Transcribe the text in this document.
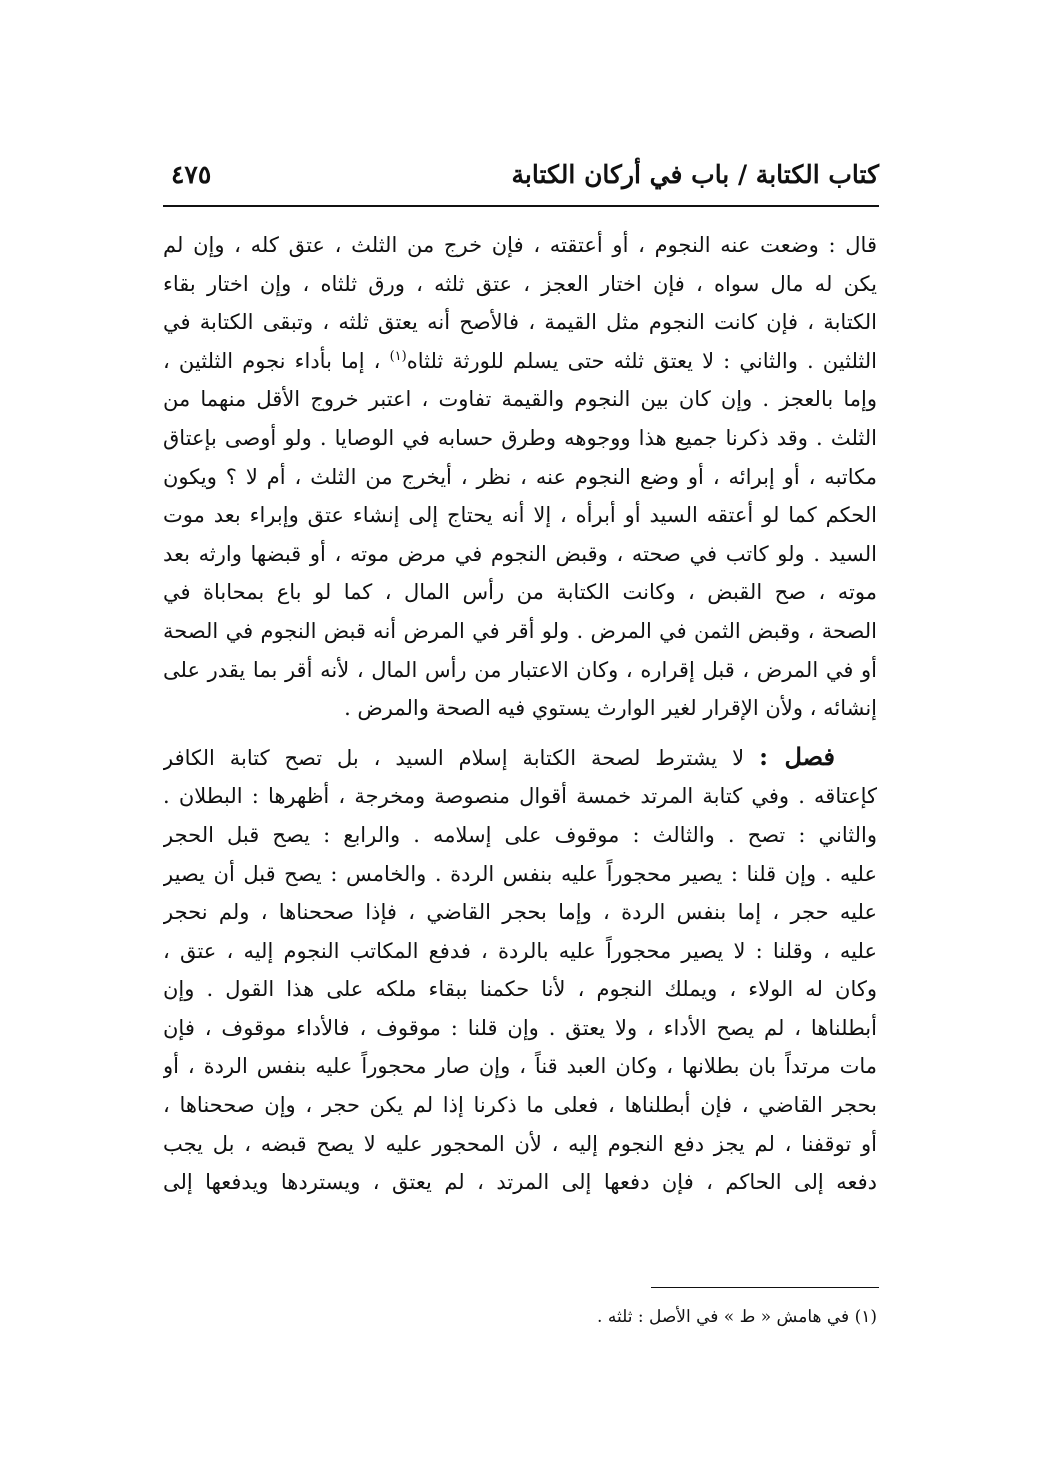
كتاب الكتابة / باب في أركان الكتابة
٤٧٥

قال : وضعت عنه النجوم ، أو أعتقته ، فإن خرج من الثلث ، عتق كله ، وإن لم
يكن له مال سواه ، فإن اختار العجز ، عتق ثلثه ، ورق ثلثاه ، وإن اختار بقاء
الكتابة ، فإن كانت النجوم مثل القيمة ، فالأصح أنه يعتق ثلثه ، وتبقى الكتابة في
الثلثين . والثاني : لا يعتق ثلثه حتى يسلم للورثة ثلثاه$^{(١)}$ ، إما بأداء نجوم الثلثين ،
وإما بالعجز . وإن كان بين النجوم والقيمة تفاوت ، اعتبر خروج الأقل منهما من
الثلث . وقد ذكرنا جميع هذا ووجوهه وطرق حسابه في الوصايا . ولو أوصى بإعتاق
مكاتبه ، أو إبرائه ، أو وضع النجوم عنه ، نظر ، أيخرج من الثلث ، أم لا ؟ ويكون
الحكم كما لو أعتقه السيد أو أبرأه ، إلا أنه يحتاج إلى إنشاء عتق وإبراء بعد موت
السيد . ولو كاتب في صحته ، وقبض النجوم في مرض موته ، أو قبضها وارثه بعد
موته ، صح القبض ، وكانت الكتابة من رأس المال ، كما لو باع بمحاباة في
الصحة ، وقبض الثمن في المرض . ولو أقر في المرض أنه قبض النجوم في الصحة
أو في المرض ، قبل إقراره ، وكان الاعتبار من رأس المال ، لأنه أقر بما يقدر على
إنشائه ، ولأن الإقرار لغير الوارث يستوي فيه الصحة والمرض .

  فصل : لا يشترط لصحة الكتابة إسلام السيد ، بل تصح كتابة الكافر
كإعتاقه . وفي كتابة المرتد خمسة أقوال منصوصة ومخرجة ، أظهرها : البطلان .
والثاني : تصح . والثالث : موقوف على إسلامه . والرابع : يصح قبل الحجر
عليه . وإن قلنا : يصير محجوراً عليه بنفس الردة . والخامس : يصح قبل أن يصير
عليه حجر ، إما بنفس الردة ، وإما بحجر القاضي ، فإذا صححناها ، ولم نحجر
عليه ، وقلنا : لا يصير محجوراً عليه بالردة ، فدفع المكاتب النجوم إليه ، عتق ،
وكان له الولاء ، ويملك النجوم ، لأنا حكمنا ببقاء ملكه على هذا القول . وإن
أبطلناها ، لم يصح الأداء ، ولا يعتق . وإن قلنا : موقوف ، فالأداء موقوف ، فإن
مات مرتداً بان بطلانها ، وكان العبد قناً ، وإن صار محجوراً عليه بنفس الردة ، أو
بحجر القاضي ، فإن أبطلناها ، فعلى ما ذكرنا إذا لم يكن حجر ، وإن صححناها ،
أو توقفنا ، لم يجز دفع النجوم إليه ، لأن المحجور عليه لا يصح قبضه ، بل يجب
دفعه إلى الحاكم ، فإن دفعها إلى المرتد ، لم يعتق ، ويستردها ويدفعها إلى

(١) في هامش « ط » في الأصل : ثلثه .
